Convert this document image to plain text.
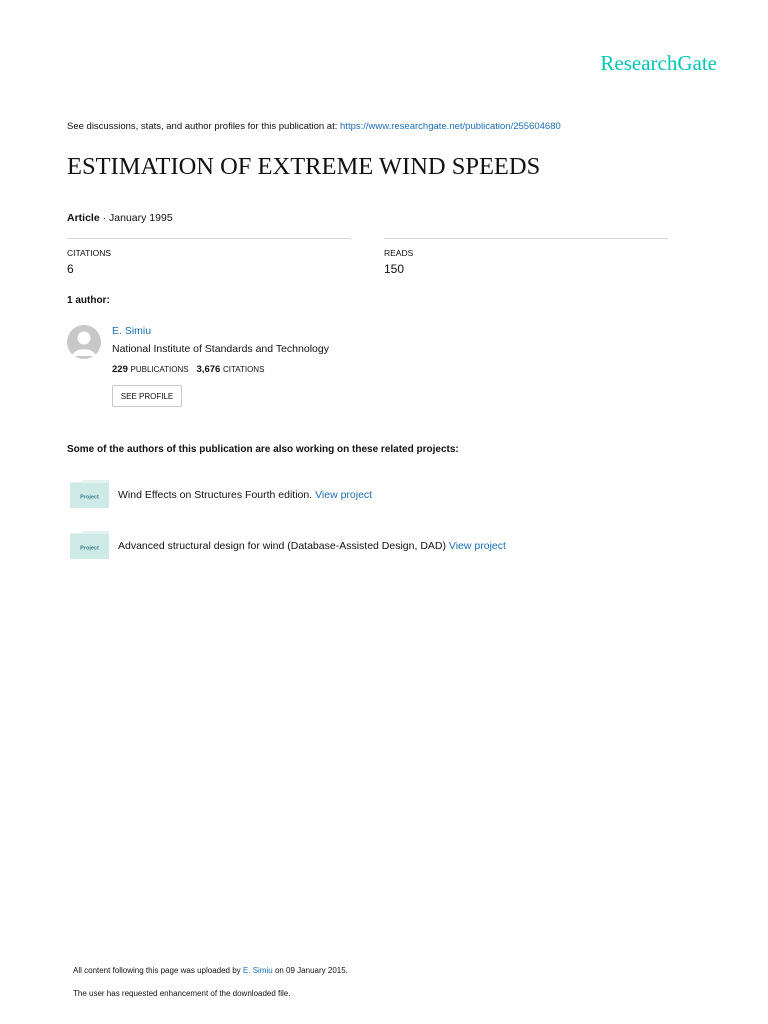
ResearchGate
See discussions, stats, and author profiles for this publication at: https://www.researchgate.net/publication/255604680
ESTIMATION OF EXTREME WIND SPEEDS
Article · January 1995
CITATIONS
6
READS
150
1 author:
E. Simiu
National Institute of Standards and Technology
229 PUBLICATIONS 3,676 CITATIONS
SEE PROFILE
Some of the authors of this publication are also working on these related projects:
Project Wind Effects on Structures Fourth edition. View project
Project Advanced structural design for wind (Database-Assisted Design, DAD) View project
All content following this page was uploaded by E. Simiu on 09 January 2015.
The user has requested enhancement of the downloaded file.
